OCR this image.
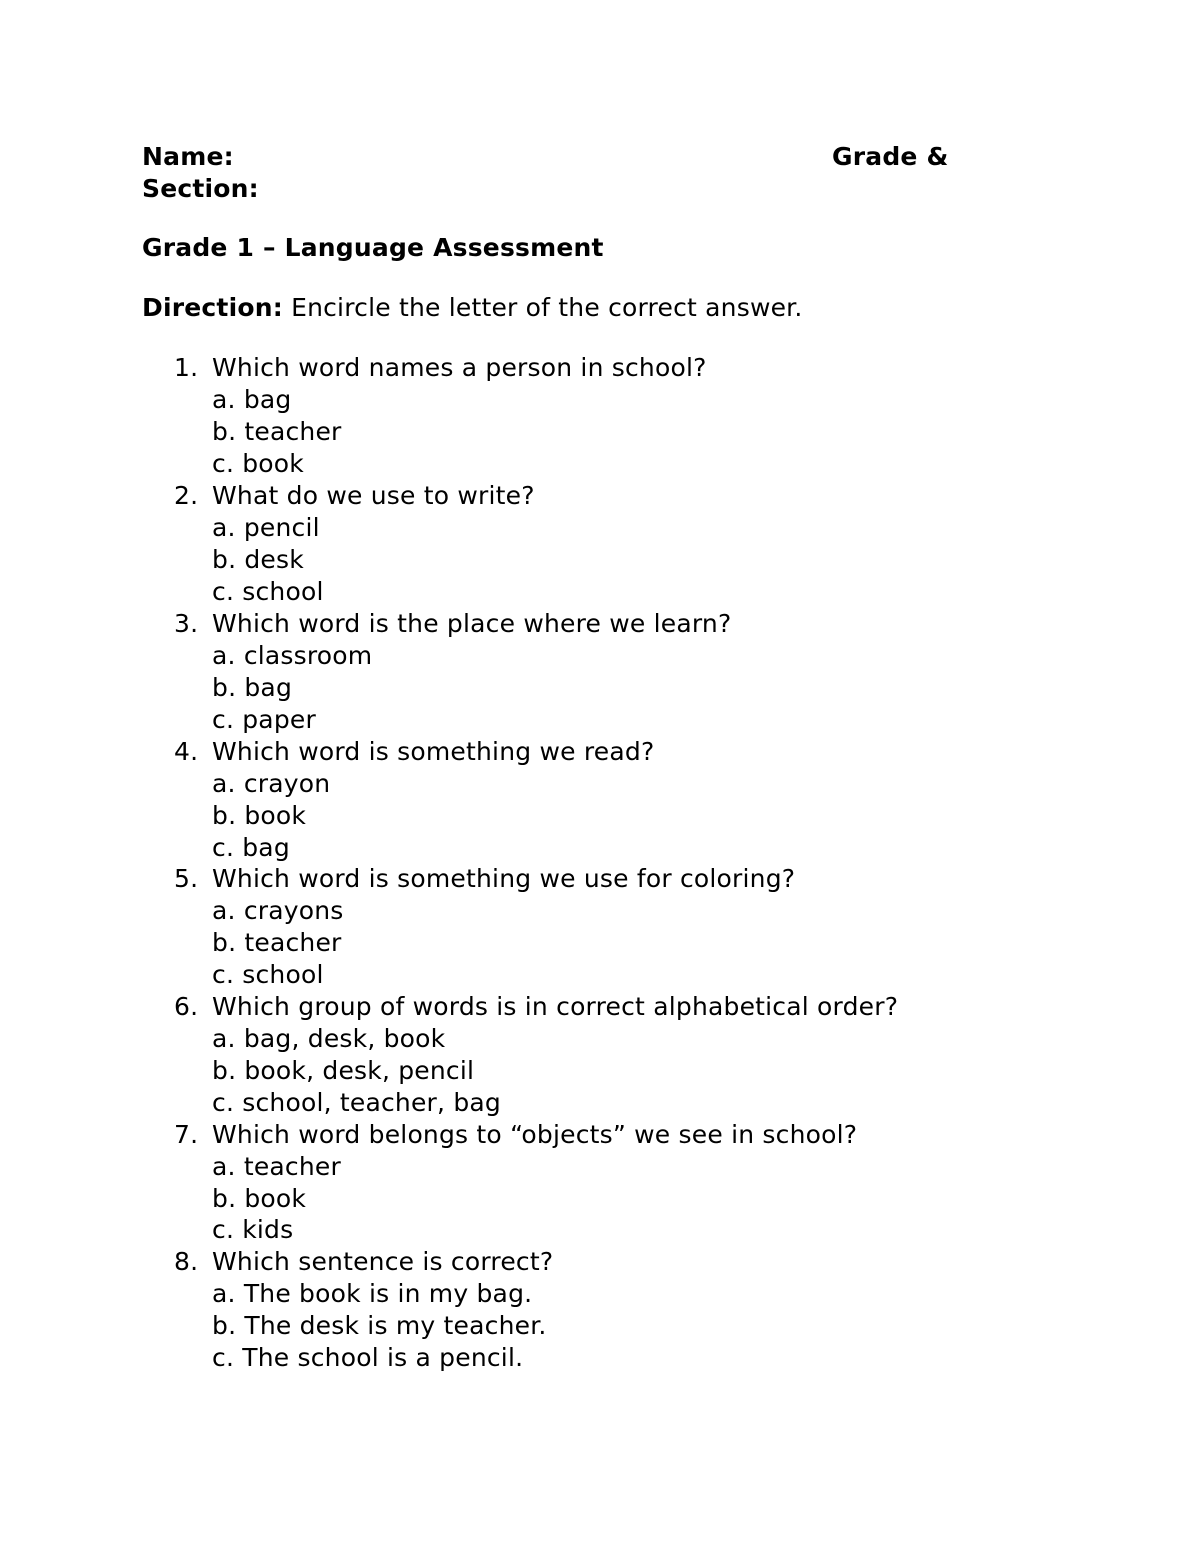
Name:	Grade &
Section:
Grade 1 – Language Assessment
Direction: Encircle the letter of the correct answer.
1. Which word names a person in school?
a. bag
b. teacher
c. book
2. What do we use to write?
a. pencil
b. desk
c. school
3. Which word is the place where we learn?
a. classroom
b. bag
c. paper
4. Which word is something we read?
a. crayon
b. book
c. bag
5. Which word is something we use for coloring?
a. crayons
b. teacher
c. school
6. Which group of words is in correct alphabetical order?
a. bag, desk, book
b. book, desk, pencil
c. school, teacher, bag
7. Which word belongs to “objects” we see in school?
a. teacher
b. book
c. kids
8. Which sentence is correct?
a. The book is in my bag.
b. The desk is my teacher.
c. The school is a pencil.
